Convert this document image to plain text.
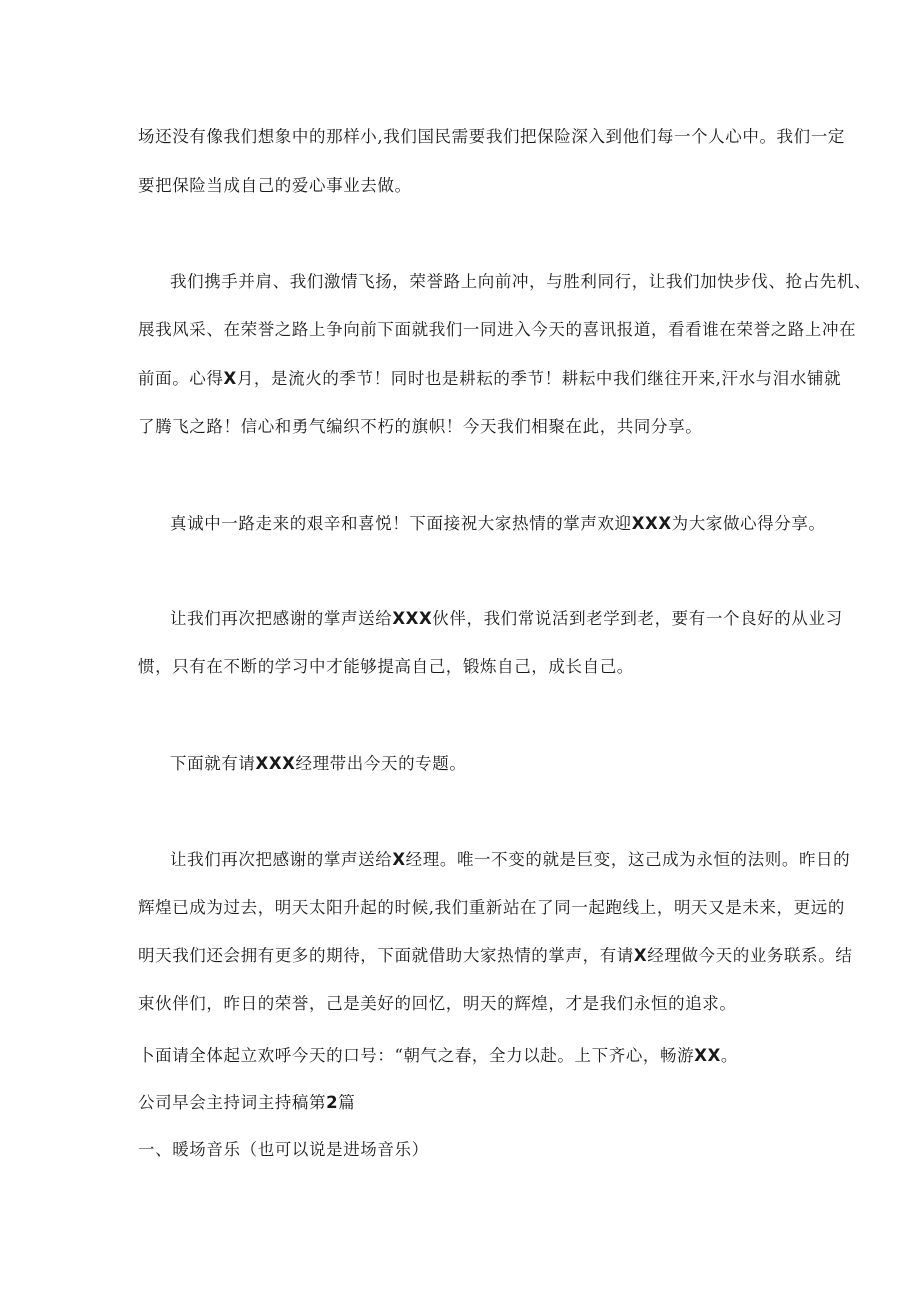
场还没有像我们想象中的那样小,我们国民需要我们把保险深入到他们每一个人心中。我们一定
要把保险当成自己的爱心事业去做。
我们携手并肩、我们激情飞扬，荣誉路上向前冲，与胜利同行，让我们加快步伐、抢占先机、
展我风采、在荣誉之路上争向前下面就我们一同进入今天的喜讯报道，看看谁在荣誉之路上冲在
前面。心得X月，是流火的季节！同时也是耕耘的季节！耕耘中我们继往开来,汗水与泪水铺就
了腾飞之路！信心和勇气编织不朽的旗帜！今天我们相聚在此，共同分享。
真诚中一路走来的艰辛和喜悦！下面接祝大家热情的掌声欢迎XXX为大家做心得分享。
让我们再次把感谢的掌声送给XXX伙伴，我们常说活到老学到老，要有一个良好的从业习
惯，只有在不断的学习中才能够提高自己，锻炼自己，成长自己。
下面就有请XXX经理带出今天的专题。
让我们再次把感谢的掌声送给X经理。唯一不变的就是巨变，这己成为永恒的法则。昨日的
辉煌已成为过去，明天太阳升起的时候,我们重新站在了同一起跑线上，明天又是未来，更远的
明天我们还会拥有更多的期待，下面就借助大家热情的掌声，有请X经理做今天的业务联系。结
束伙伴们，昨日的荣誉，己是美好的回忆，明天的辉煌，才是我们永恒的追求。
卜面请全体起立欢呼今天的口号：“朝气之春，全力以赴。上下齐心，畅游XX。
公司早会主持词主持稿第2篇
一、暖场音乐（也可以说是进场音乐）
